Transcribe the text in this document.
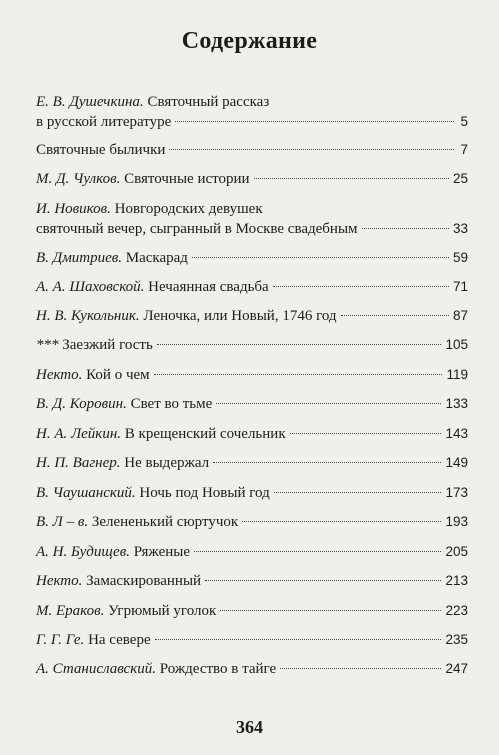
Содержание
Е. В. Душечкина.
Святочный рассказ
в русской литературе	5
Святочные былички	7
М. Д. Чулков.
Святочные истории	25
И. Новиков.
Новгородских девушек
святочный вечер, сыгранный в Москве свадебным	33
В. Дмитриев.
Маскарад	59
А. А. Шаховской.
Нечаянная свадьба	71
Н. В. Кукольник.
Леночка, или Новый, 1746 год	87
***
Заезжий гость	105
Некто.
Кой о чем	119
В. Д. Коровин.
Свет во тьме	133
Н. А. Лейкин.
В крещенский сочельник	143
Н. П. Вагнер.
Не выдержал	149
В. Чаушанский.
Ночь под Новый год	173
В. Л – в.
Зелененький сюртучок	193
А. Н. Будищев.
Ряженые	205
Некто.
Замаскированный	213
М. Ераков.
Угрюмый уголок	223
Г. Г. Ге.
На севере	235
А. Станиславский.
Рождество в тайге	247
364
